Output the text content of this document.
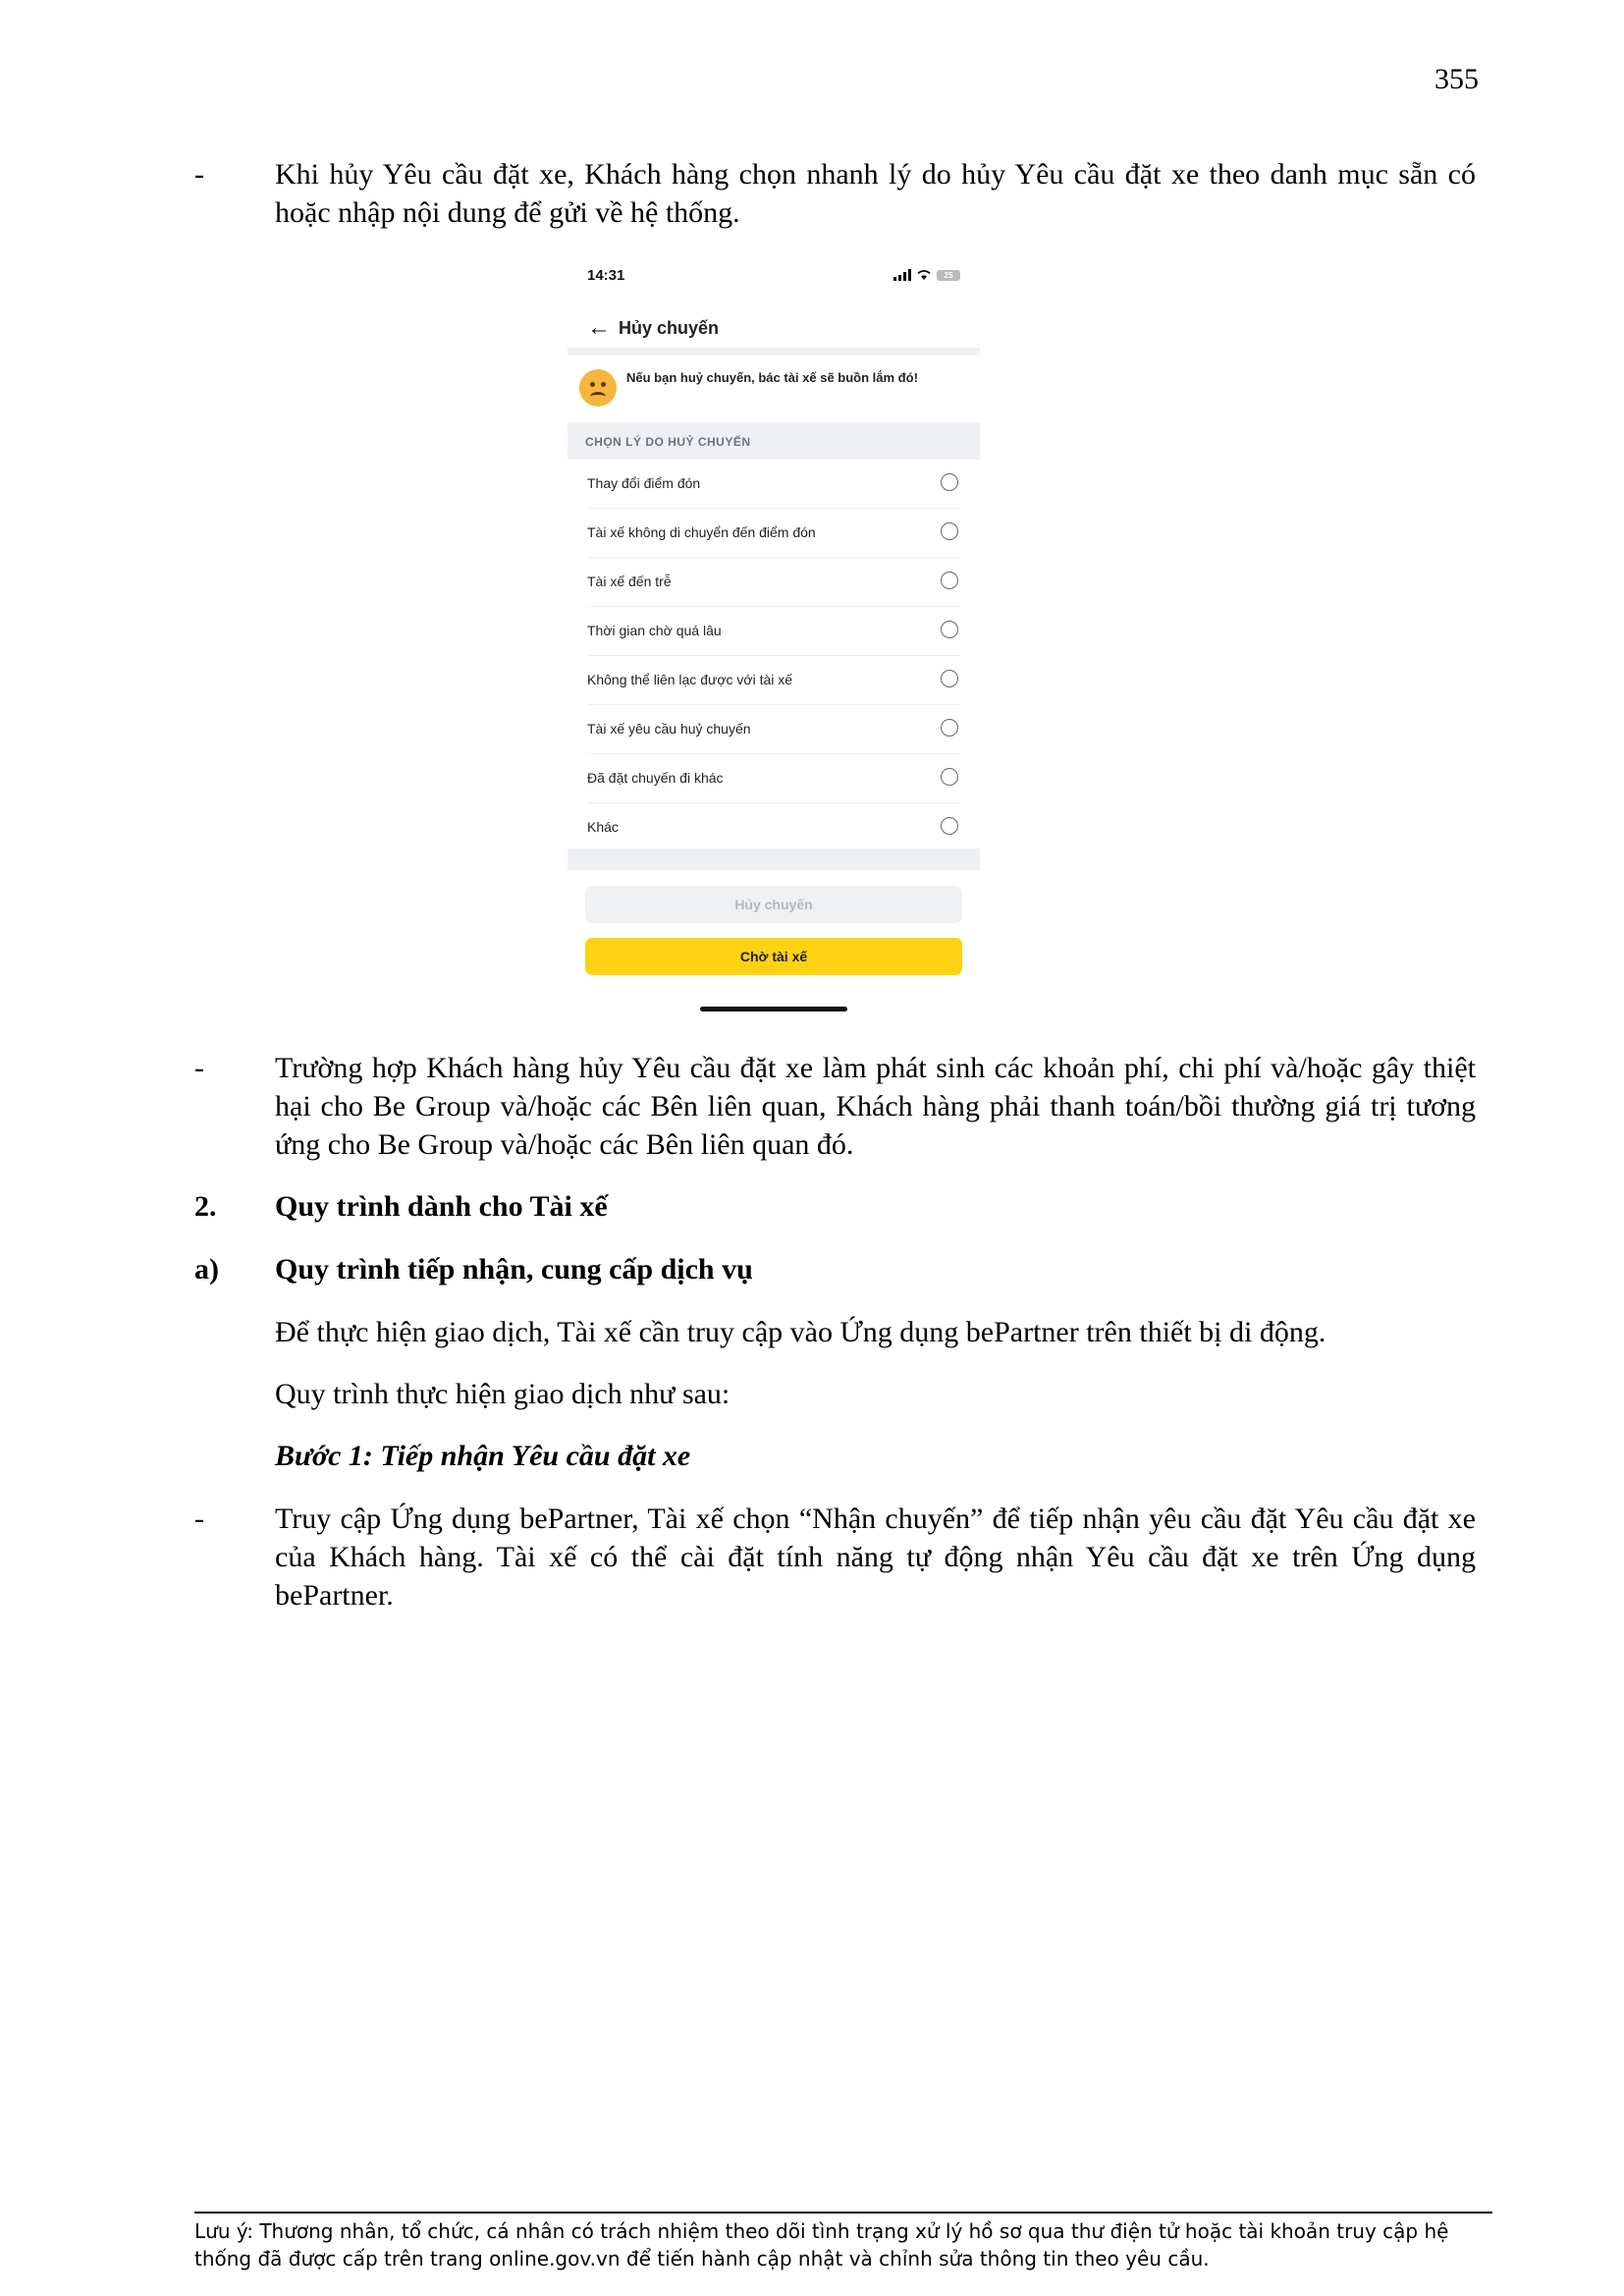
355
- Khi hủy Yêu cầu đặt xe, Khách hàng chọn nhanh lý do hủy Yêu cầu đặt xe theo danh mục sẵn có hoặc nhập nội dung để gửi về hệ thống.
14:31	25
← Hủy chuyến
Nếu bạn huỷ chuyến, bác tài xế sẽ buồn lắm đó!
CHỌN LÝ DO HUỶ CHUYẾN
Thay đổi điểm đón
Tài xế không di chuyển đến điểm đón
Tài xế đến trễ
Thời gian chờ quá lâu
Không thể liên lạc được với tài xế
Tài xế yêu cầu huỷ chuyến
Đã đặt chuyến đi khác
Khác
Hủy chuyến
Chờ tài xế
- Trường hợp Khách hàng hủy Yêu cầu đặt xe làm phát sinh các khoản phí, chi phí và/hoặc gây thiệt hại cho Be Group và/hoặc các Bên liên quan, Khách hàng phải thanh toán/bồi thường giá trị tương ứng cho Be Group và/hoặc các Bên liên quan đó.
2. Quy trình dành cho Tài xế
a) Quy trình tiếp nhận, cung cấp dịch vụ
Để thực hiện giao dịch, Tài xế cần truy cập vào Ứng dụng bePartner trên thiết bị di động.
Quy trình thực hiện giao dịch như sau:
Bước 1: Tiếp nhận Yêu cầu đặt xe
- Truy cập Ứng dụng bePartner, Tài xế chọn “Nhận chuyến” để tiếp nhận yêu cầu đặt Yêu cầu đặt xe của Khách hàng. Tài xế có thể cài đặt tính năng tự động nhận Yêu cầu đặt xe trên Ứng dụng bePartner.
Lưu ý: Thương nhân, tổ chức, cá nhân có trách nhiệm theo dõi tình trạng xử lý hồ sơ qua thư điện tử hoặc tài khoản truy cập hệ thống đã được cấp trên trang online.gov.vn để tiến hành cập nhật và chỉnh sửa thông tin theo yêu cầu.
